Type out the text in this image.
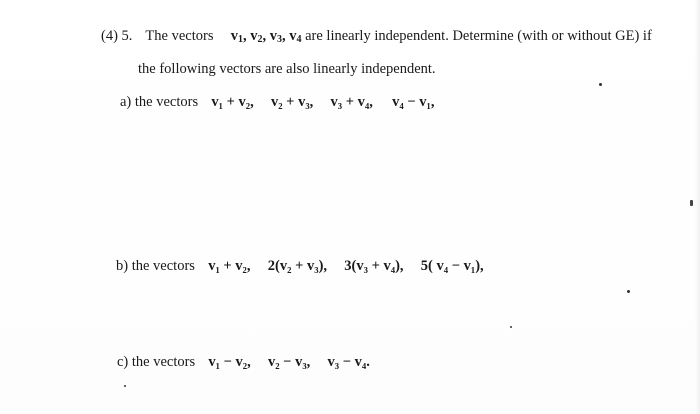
(4) 5. The vectors $v_1$, $v_2$, $v_3$, $v_4$ are linearly independent. Determine (with or without GE) if
the following vectors are also linearly independent.
a) the vectors v₁ + v₂, v₂ + v₃, v₃ + v₄, v₄ − v₁,
b) the vectors v₁ + v₂, 2(v₂ + v₃), 3(v₃ + v₄), 5( v₄ − v₁),
c) the vectors v₁ − v₂, v₂ − v₃, v₃ − v₄.
